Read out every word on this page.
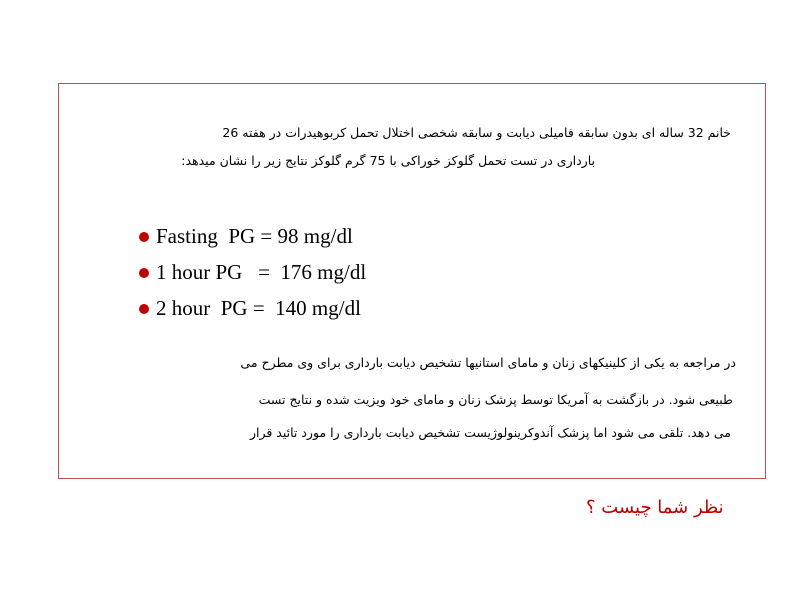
خانم 32 ساله ای بدون سابقه فامیلی دیابت و سابقه شخصی اختلال تحمل کربوهیدرات در هفته 26
بارداری در تست تحمل گلوکز خوراکی با 75 گرم گلوکز نتایج زیر را نشان میدهد:
Fasting  PG = 98 mg/dl
1 hour PG   =  176 mg/dl
2 hour  PG =  140 mg/dl
در مراجعه به یکی از کلینیکهای زنان و مامای استانیها تشخیص دیابت بارداری برای وی مطرح می
طبیعی شود. در بازگشت به آمریکا توسط پزشک زنان و مامای خود ویزیت شده و نتایج تست
می دهد. تلقی می شود اما پزشک آندوکرینولوژیست تشخیص دیابت بارداری را مورد تائید قرار
نظر شما چیست ؟
